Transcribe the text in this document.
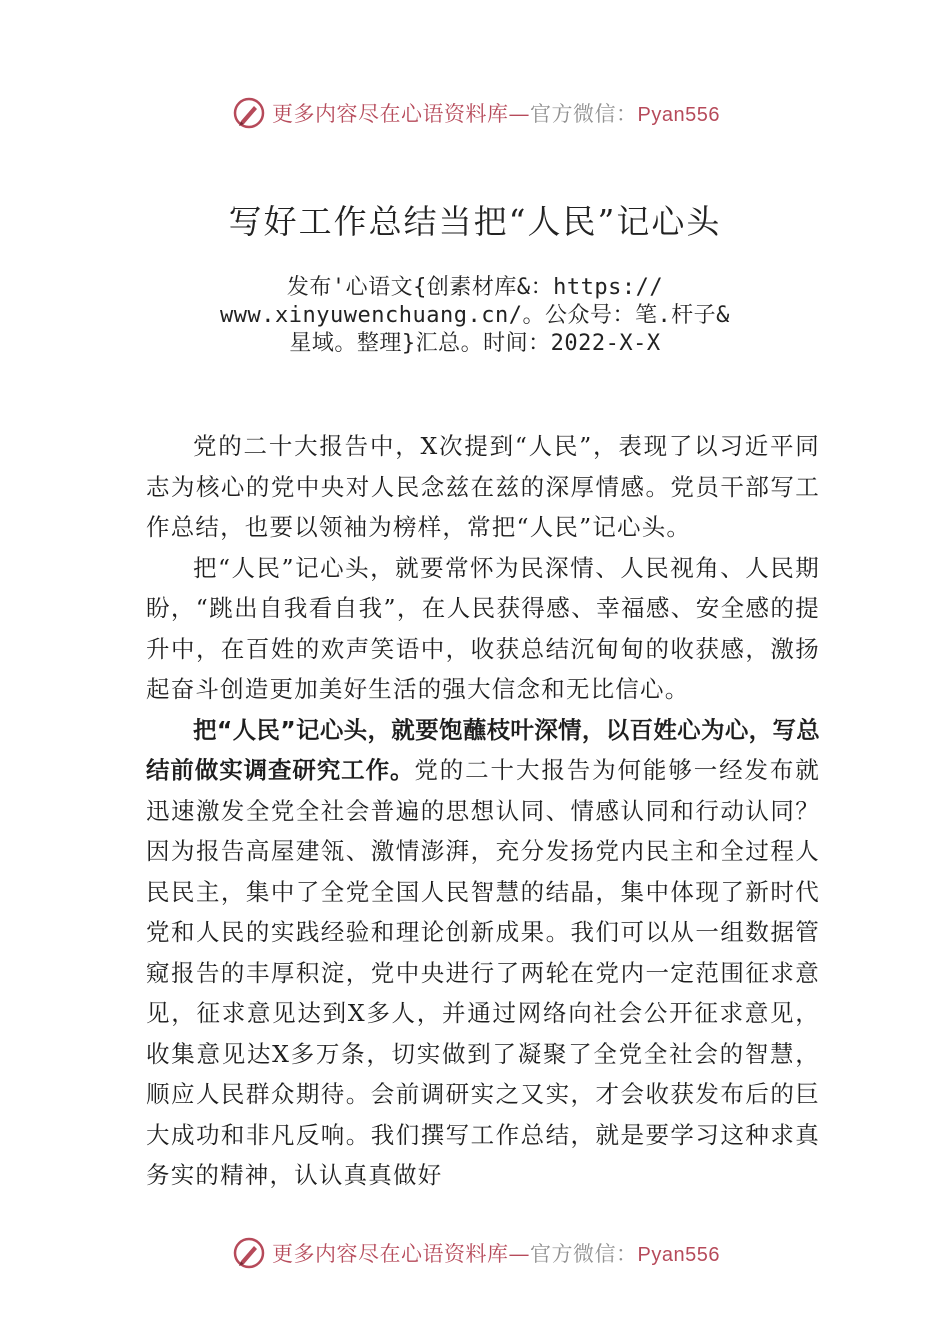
更多内容尽在心语资料库—官方微信：Pyan556
写好工作总结当把“人民”记心头
发布'心语文{创素材库&：https://
www.xinyuwenchuang.cn/。公众号：笔.杆子&
星域。整理}汇总。时间：2022-X-X

党的二十大报告中，X次提到“人民”，表现了以习近平同志为核心的党中央对人民念兹在兹的深厚情感。党员干部写工作总结，也要以领袖为榜样，常把“人民”记心头。

把“人民”记心头，就要常怀为民深情、人民视角、人民期盼，“跳出自我看自我”，在人民获得感、幸福感、安全感的提升中，在百姓的欢声笑语中，收获总结沉甸甸的收获感，激扬起奋斗创造更加美好生活的强大信念和无比信心。

把“人民”记心头，就要饱蘸枝叶深情，以百姓心为心，写总结前做实调查研究工作。党的二十大报告为何能够一经发布就迅速激发全党全社会普遍的思想认同、情感认同和行动认同？因为报告高屋建瓴、激情澎湃，充分发扬党内民主和全过程人民民主，集中了全党全国人民智慧的结晶，集中体现了新时代党和人民的实践经验和理论创新成果。我们可以从一组数据管窥报告的丰厚积淀，党中央进行了两轮在党内一定范围征求意见，征求意见达到X多人，并通过网络向社会公开征求意见，收集意见达X多万条，切实做到了凝聚了全党全社会的智慧，顺应人民群众期待。会前调研实之又实，才会收获发布后的巨大成功和非凡反响。我们撰写工作总结，就是要学习这种求真务实的精神，认认真真做好

更多内容尽在心语资料库—官方微信：Pyan556
